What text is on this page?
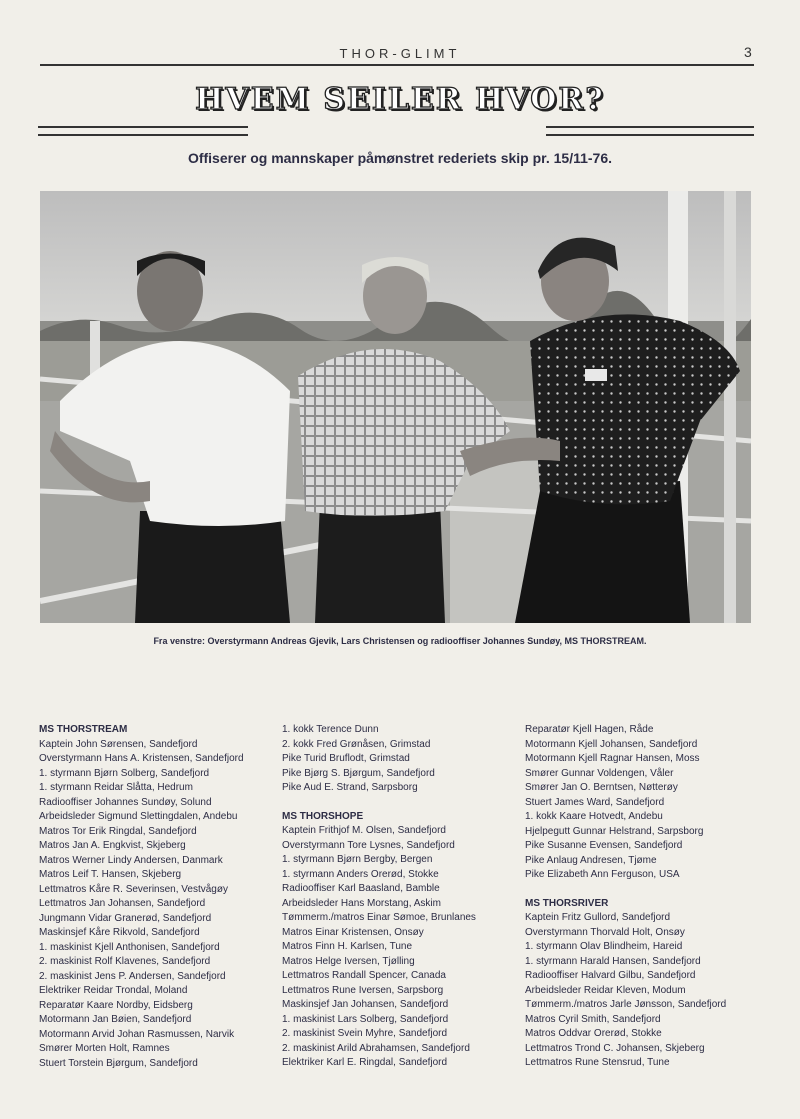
THOR-GLIMT	3
HVEM SEILER HVOR?
Offiserer og mannskaper påmønstret rederiets skip pr. 15/11-76.
Fra venstre: Overstyrmann Andreas Gjevik, Lars Christensen og radiooffiser Johannes Sundøy, MS THORSTREAM.
MS THORSTREAM
Kaptein John Sørensen, Sandefjord
Overstyrmann Hans A. Kristensen, Sandefjord
1. styrmann Bjørn Solberg, Sandefjord
1. styrmann Reidar Slåtta, Hedrum
Radiooffiser Johannes Sundøy, Solund
Arbeidsleder Sigmund Slettingdalen, Andebu
Matros Tor Erik Ringdal, Sandefjord
Matros Jan A. Engkvist, Skjeberg
Matros Werner Lindy Andersen, Danmark
Matros Leif T. Hansen, Skjeberg
Lettmatros Kåre R. Severinsen, Vestvågøy
Lettmatros Jan Johansen, Sandefjord
Jungmann Vidar Granerød, Sandefjord
Maskinsjef Kåre Rikvold, Sandefjord
1. maskinist Kjell Anthonisen, Sandefjord
2. maskinist Rolf Klavenes, Sandefjord
2. maskinist Jens P. Andersen, Sandefjord
Elektriker Reidar Trondal, Moland
Reparatør Kaare Nordby, Eidsberg
Motormann Jan Bøien, Sandefjord
Motormann Arvid Johan Rasmussen, Narvik
Smører Morten Holt, Ramnes
Stuert Torstein Bjørgum, Sandefjord
1. kokk Terence Dunn
2. kokk Fred Grønåsen, Grimstad
Pike Turid Bruflodt, Grimstad
Pike Bjørg S. Bjørgum, Sandefjord
Pike Aud E. Strand, Sarpsborg
MS THORSHOPE
Kaptein Frithjof M. Olsen, Sandefjord
Overstyrmann Tore Lysnes, Sandefjord
1. styrmann Bjørn Bergby, Bergen
1. styrmann Anders Orerød, Stokke
Radiooffiser Karl Baasland, Bamble
Arbeidsleder Hans Morstang, Askim
Tømmerm./matros Einar Sømoe, Brunlanes
Matros Einar Kristensen, Onsøy
Matros Finn H. Karlsen, Tune
Matros Helge Iversen, Tjølling
Lettmatros Randall Spencer, Canada
Lettmatros Rune Iversen, Sarpsborg
Maskinsjef Jan Johansen, Sandefjord
1. maskinist Lars Solberg, Sandefjord
2. maskinist Svein Myhre, Sandefjord
2. maskinist Arild Abrahamsen, Sandefjord
Elektriker Karl E. Ringdal, Sandefjord
Reparatør Kjell Hagen, Råde
Motormann Kjell Johansen, Sandefjord
Motormann Kjell Ragnar Hansen, Moss
Smører Gunnar Voldengen, Våler
Smører Jan O. Berntsen, Nøtterøy
Stuert James Ward, Sandefjord
1. kokk Kaare Hotvedt, Andebu
Hjelpegutt Gunnar Helstrand, Sarpsborg
Pike Susanne Evensen, Sandefjord
Pike Anlaug Andresen, Tjøme
Pike Elizabeth Ann Ferguson, USA
MS THORSRIVER
Kaptein Fritz Gullord, Sandefjord
Overstyrmann Thorvald Holt, Onsøy
1. styrmann Olav Blindheim, Hareid
1. styrmann Harald Hansen, Sandefjord
Radiooffiser Halvard Gilbu, Sandefjord
Arbeidsleder Reidar Kleven, Modum
Tømmerm./matros Jarle Jønsson, Sandefjord
Matros Cyril Smith, Sandefjord
Matros Oddvar Orerød, Stokke
Lettmatros Trond C. Johansen, Skjeberg
Lettmatros Rune Stensrud, Tune
